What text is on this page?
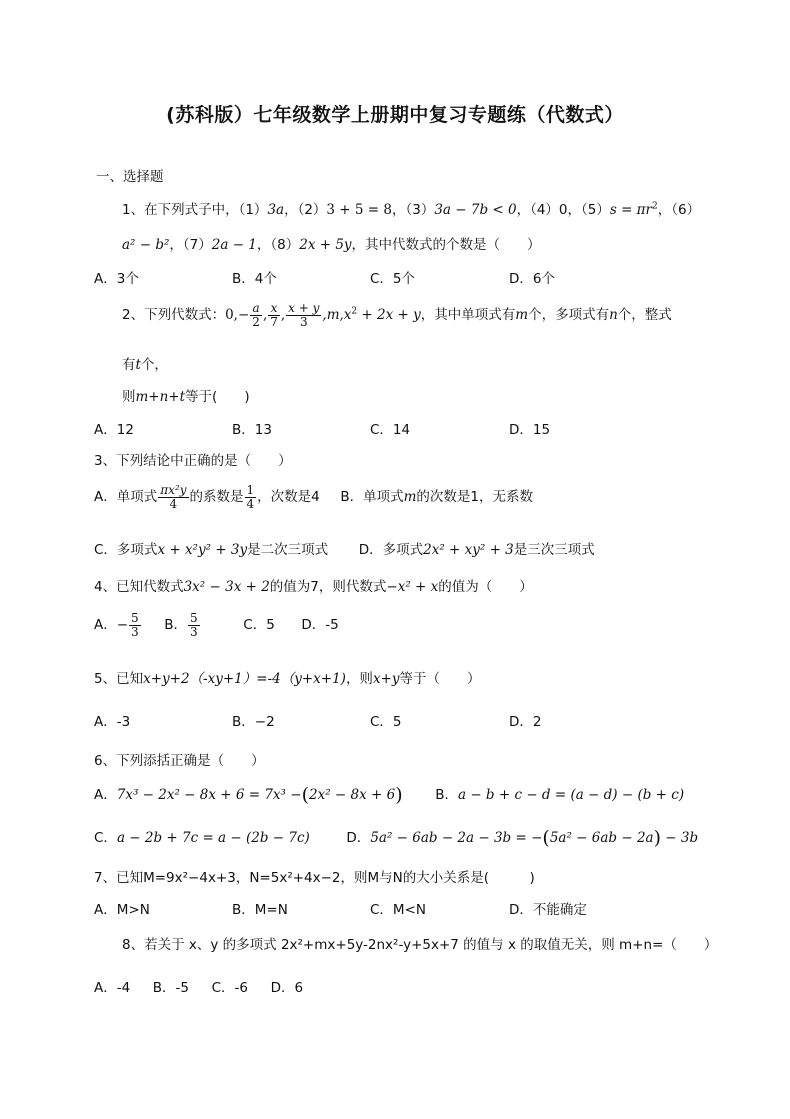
(苏科版）七年级数学上册期中复习专题练（代数式）
一、选择题
1、在下列式子中，（1）3a，（2）3 + 5 = 8，（3）3a − 7b < 0，（4）0，$(5)s = \pi r^2$，（6）
a² − b²，（7）2a − 1，（8）2x + 5y，其中代数式的个数是（　　）
A．3个	B．4个	C．5个	D．6个
2、下列代数式：$0,- \frac{a}{2}$ , $\frac{x}{7}$ , $\frac{x + y}{3} ,m,x^2 + 2x + y$，其中单项式有m个，多项式有n个，整式
有t个，
则m+n+t等于(　　)
A．12	B．13	C．14	D．15
3、下列结论中正确的是（　　）
A．单项式 $\frac{\text{πx²y}}{4}$ 的系数是 $\frac{1}{4}$ ，次数是4 B．单项式m的次数是1，无系数
C．多项式x + x²y² + 3y是二次三项式 D．多项式2x² + xy² + 3是三次三项式
4、已知代数式3x² − 3x + 2的值为7，则代数式−x² + x的值为（　　）
A．− $\frac{5}{3}$ B． $\frac{5}{3}$	C．5 D．-5
5、已知x+y+2（-xy+1）=-4（y+x+1)，则x+y等于（　　）
A．-3	B．−2	C．5	D．2
6、下列添括正确是（　　）
A．7x³ − 2x² − 8x + 6 = 7x³ −(2x² − 8x + 6) B．a − b + c − d = (a − d) − (b + c)
C．a − 2b + 7c = a − (2b − 7c)	D．5a² − 6ab − 2a − 3b = −(5a² − 6ab − 2a) − 3b
7、已知M=9x²−4x+3，N=5x²+4x−2，则M与N的大小关系是(　　　)
A．M>N	B．M=N	C．M<N	D．不能确定
8、若关于 x、y 的多项式 2x²+mx+5y-2nx²-y+5x+7 的值与 x 的取值无关，则 m+n=（　　）
A．-4 B．-5 C．-6 D．6
